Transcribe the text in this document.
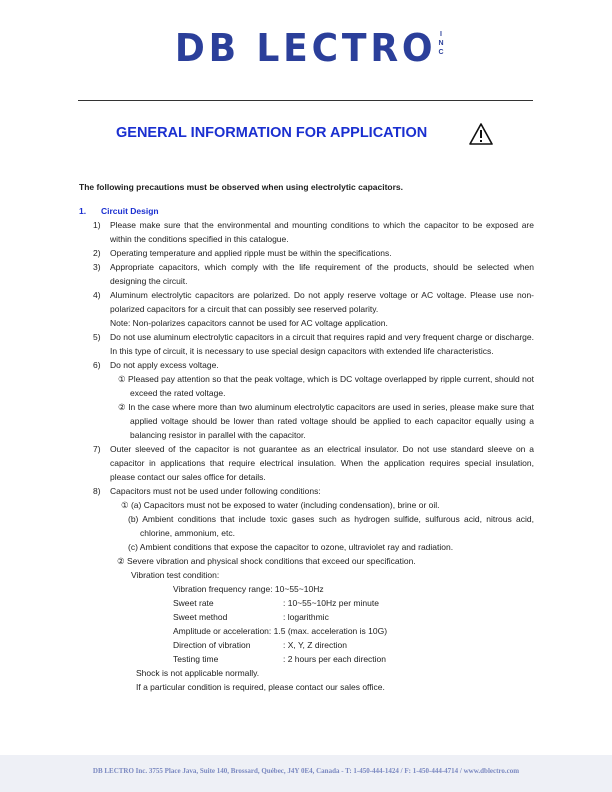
DB LECTRO I
N
C
GENERAL INFORMATION FOR APPLICATION
The following precautions must be observed when using electrolytic capacitors.
1. Circuit Design
1)	Please make sure that the environmental and mounting conditions to which the capacitor to be exposed are within the conditions specified in this catalogue.
2)	Operating temperature and applied ripple must be within the specifications.
3)	Appropriate capacitors, which comply with the life requirement of the products, should be selected when designing the circuit.
4)	Aluminum electrolytic capacitors are polarized. Do not apply reserve voltage or AC voltage. Please use non-polarized capacitors for a circuit that can possibly see reserved polarity.
Note: Non-polarizes capacitors cannot be used for AC voltage application.
5)	Do not use aluminum electrolytic capacitors in a circuit that requires rapid and very frequent charge or discharge. In this type of circuit, it is necessary to use special design capacitors with extended life characteristics.
6)	Do not apply excess voltage.
① Pleased pay attention so that the peak voltage, which is DC voltage overlapped by ripple current, should not exceed the rated voltage.
② In the case where more than two aluminum electrolytic capacitors are used in series, please make sure that applied voltage should be lower than rated voltage should be applied to each capacitor equally using a balancing resistor in parallel with the capacitor.
7)	Outer sleeved of the capacitor is not guarantee as an electrical insulator. Do not use standard sleeve on a capacitor in applications that require electrical insulation. When the application requires special insulation, please contact our sales office for details.
8)	Capacitors must not be used under following conditions:
① (a) Capacitors must not be exposed to water (including condensation), brine or oil.
(b) Ambient conditions that include toxic gases such as hydrogen sulfide, sulfurous acid, nitrous acid, chlorine, ammonium, etc.
(c) Ambient conditions that expose the capacitor to ozone, ultraviolet ray and radiation.
② Severe vibration and physical shock conditions that exceed our specification.
Vibration test condition:
Vibration frequency range : 10~55~10Hz
Sweet rate	: 10~55~10Hz per minute
Sweet method	: logarithmic
Amplitude or acceleration : 1.5 (max. acceleration is 10G)
Direction of vibration	: X, Y, Z direction
Testing time	: 2 hours per each direction
Shock is not applicable normally.
If a particular condition is required, please contact our sales office.
DB LECTRO Inc. 3755 Place Java, Suite 140, Brossard, Québec, J4Y 0E4, Canada - T: 1-450-444-1424 / F: 1-450-444-4714 / www.dblectro.com
